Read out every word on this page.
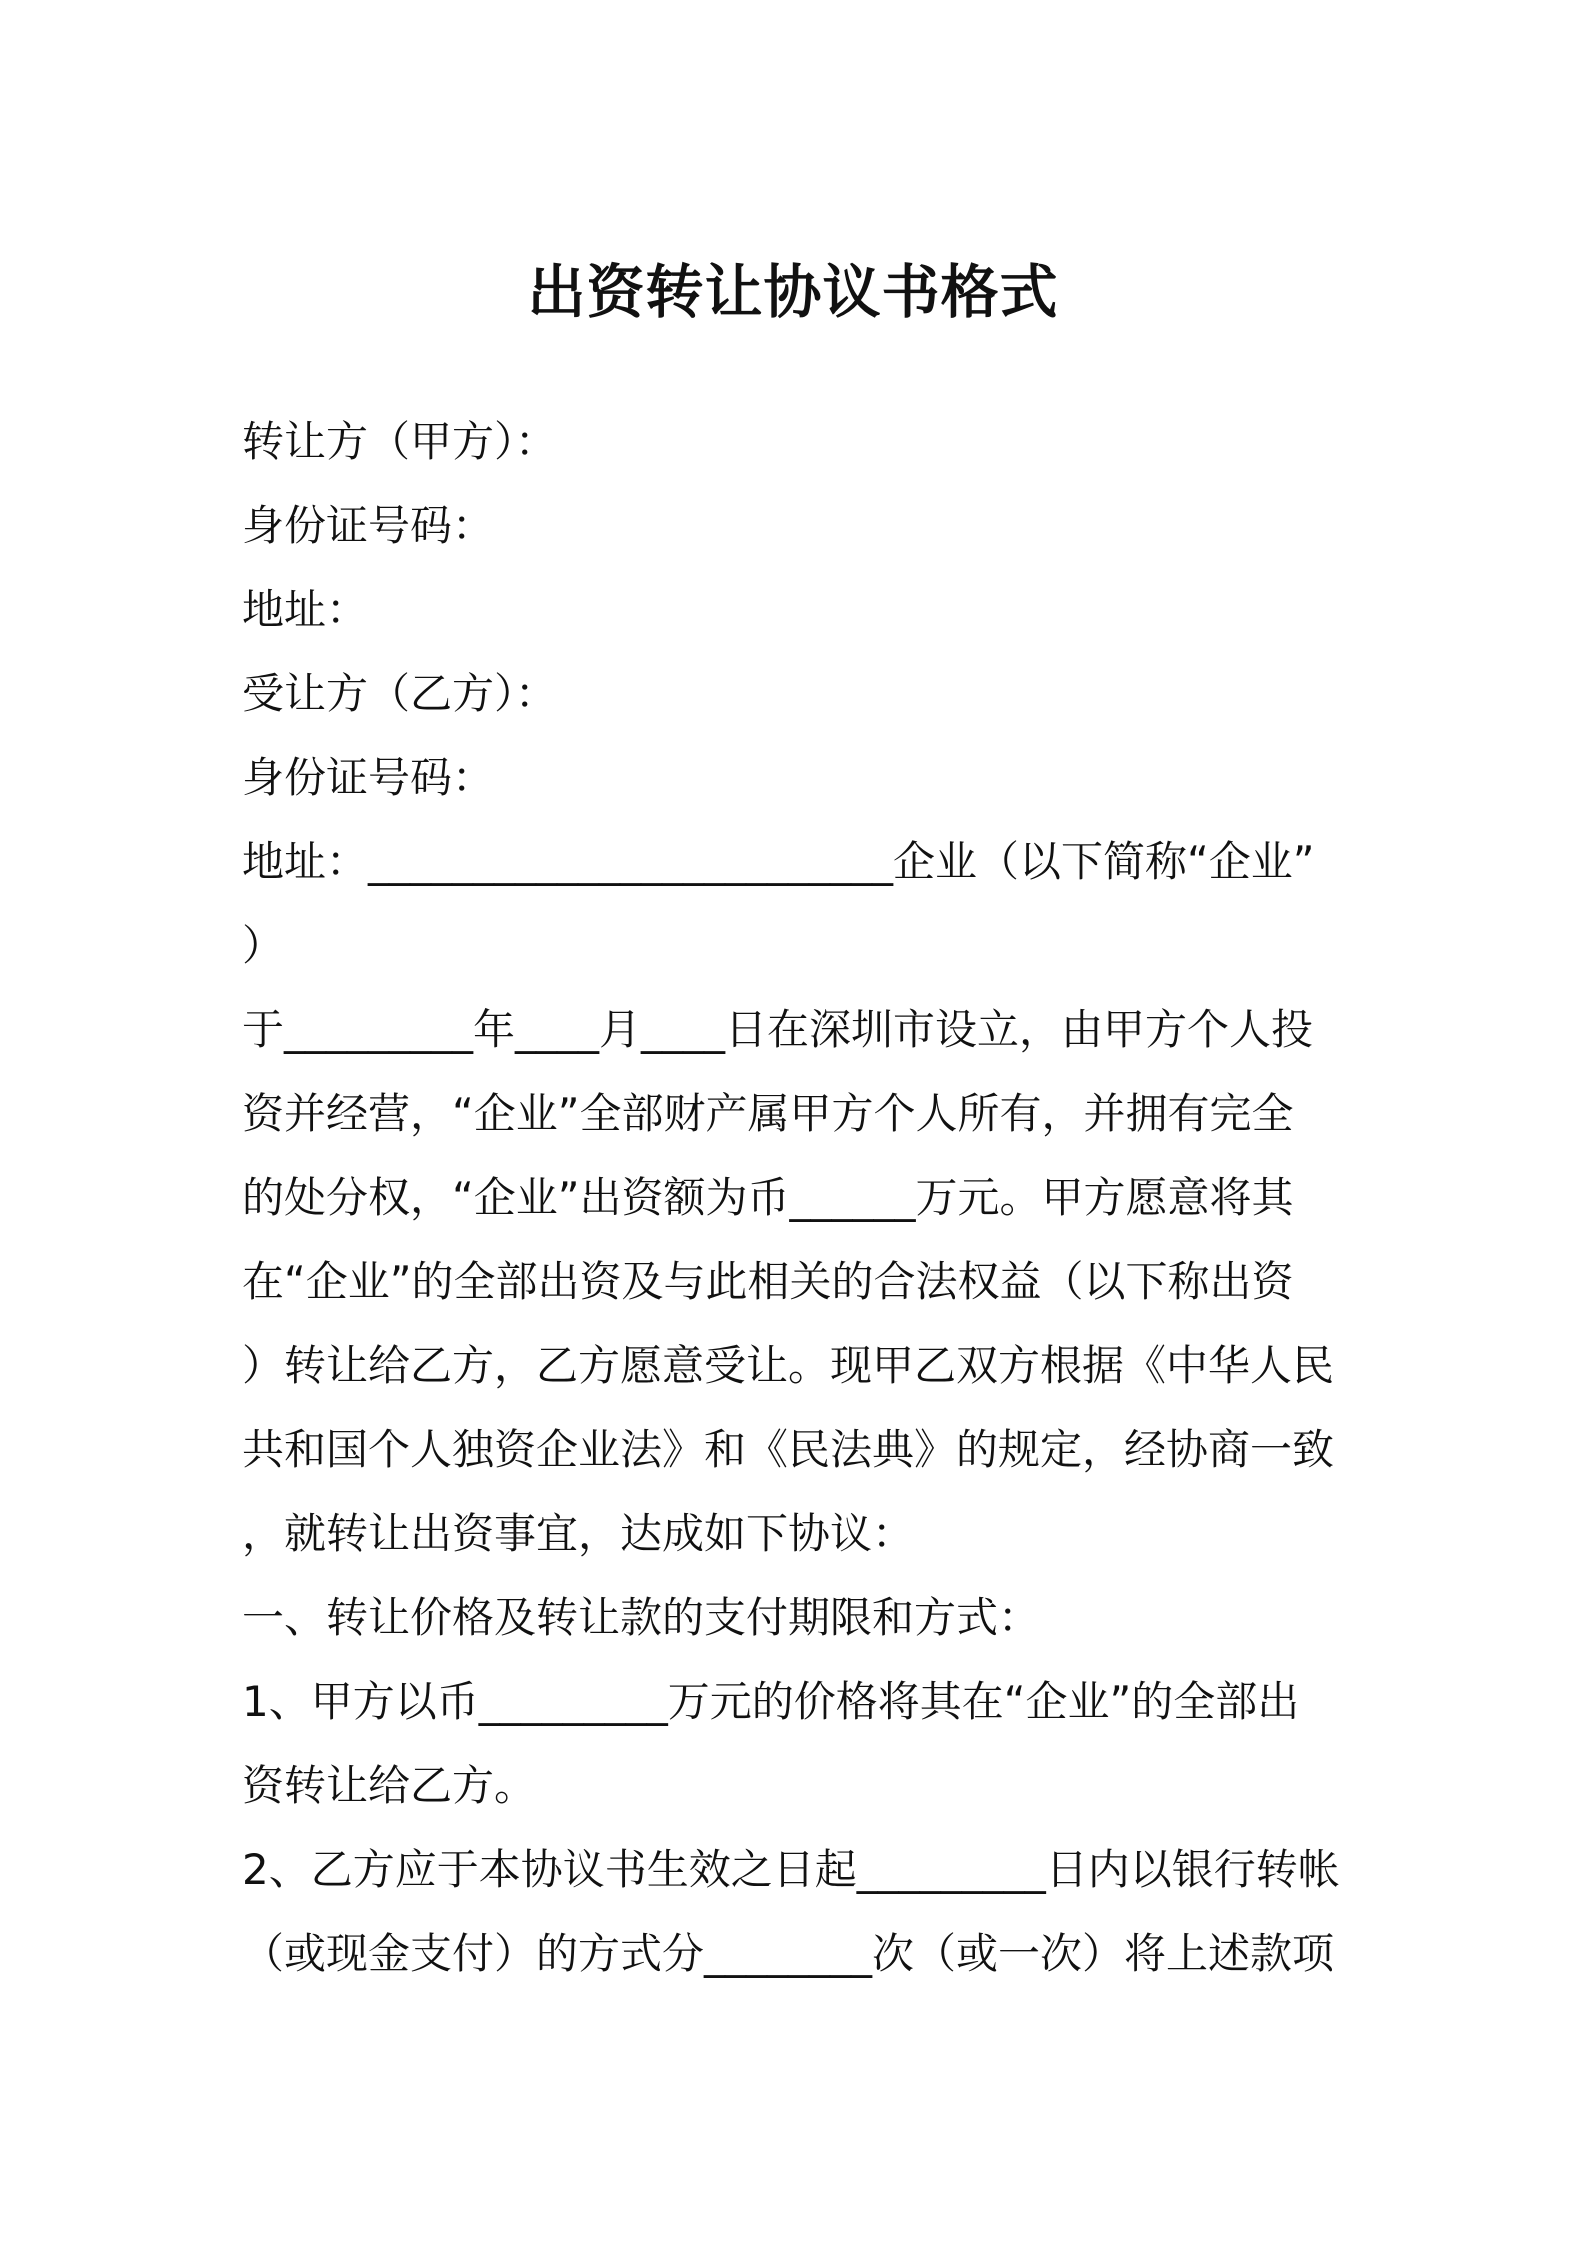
出资转让协议书格式
转让方（甲方）：
身份证号码：
地址：
受让方（乙方）：
身份证号码：
地址：_________________________企业（以下简称“企业”
）
于_________年____月____日在深圳市设立，由甲方个人投
资并经营，“企业”全部财产属甲方个人所有，并拥有完全
的处分权，“企业”出资额为币______万元。甲方愿意将其
在“企业”的全部出资及与此相关的合法权益（以下称出资
）转让给乙方，乙方愿意受让。现甲乙双方根据《中华人民
共和国个人独资企业法》和《民法典》的规定，经协商一致
，就转让出资事宜，达成如下协议：
一、转让价格及转让款的支付期限和方式：
1、甲方以币_________万元的价格将其在“企业”的全部出
资转让给乙方。
2、乙方应于本协议书生效之日起_________日内以银行转帐
（或现金支付）的方式分________次（或一次）将上述款项
